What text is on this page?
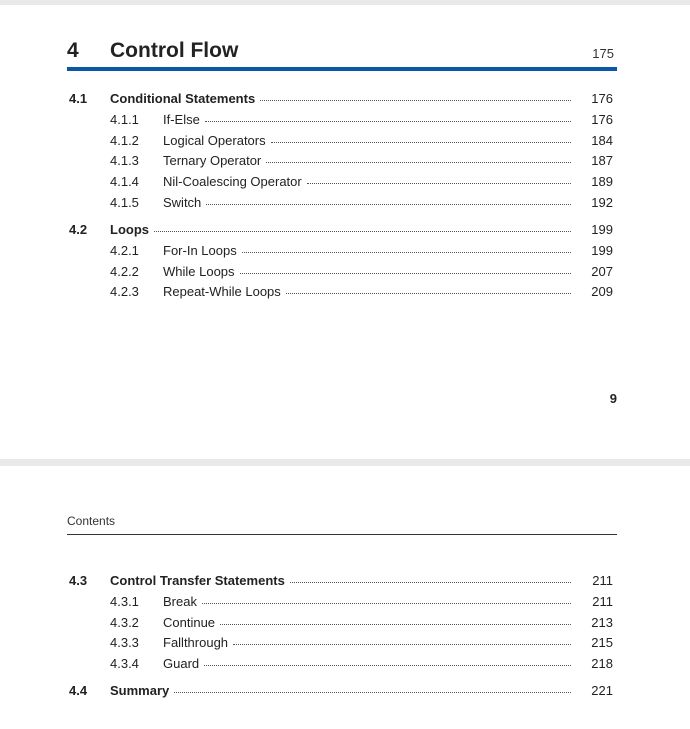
4 Control Flow	175
4.1 Conditional Statements	176
4.1.1 If-Else	176
4.1.2 Logical Operators	184
4.1.3 Ternary Operator	187
4.1.4 Nil-Coalescing Operator	189
4.1.5 Switch	192
4.2 Loops	199
4.2.1 For-In Loops	199
4.2.2 While Loops	207
4.2.3 Repeat-While Loops	209
9
Contents
4.3 Control Transfer Statements	211
4.3.1 Break	211
4.3.2 Continue	213
4.3.3 Fallthrough	215
4.3.4 Guard	218
4.4 Summary	221
